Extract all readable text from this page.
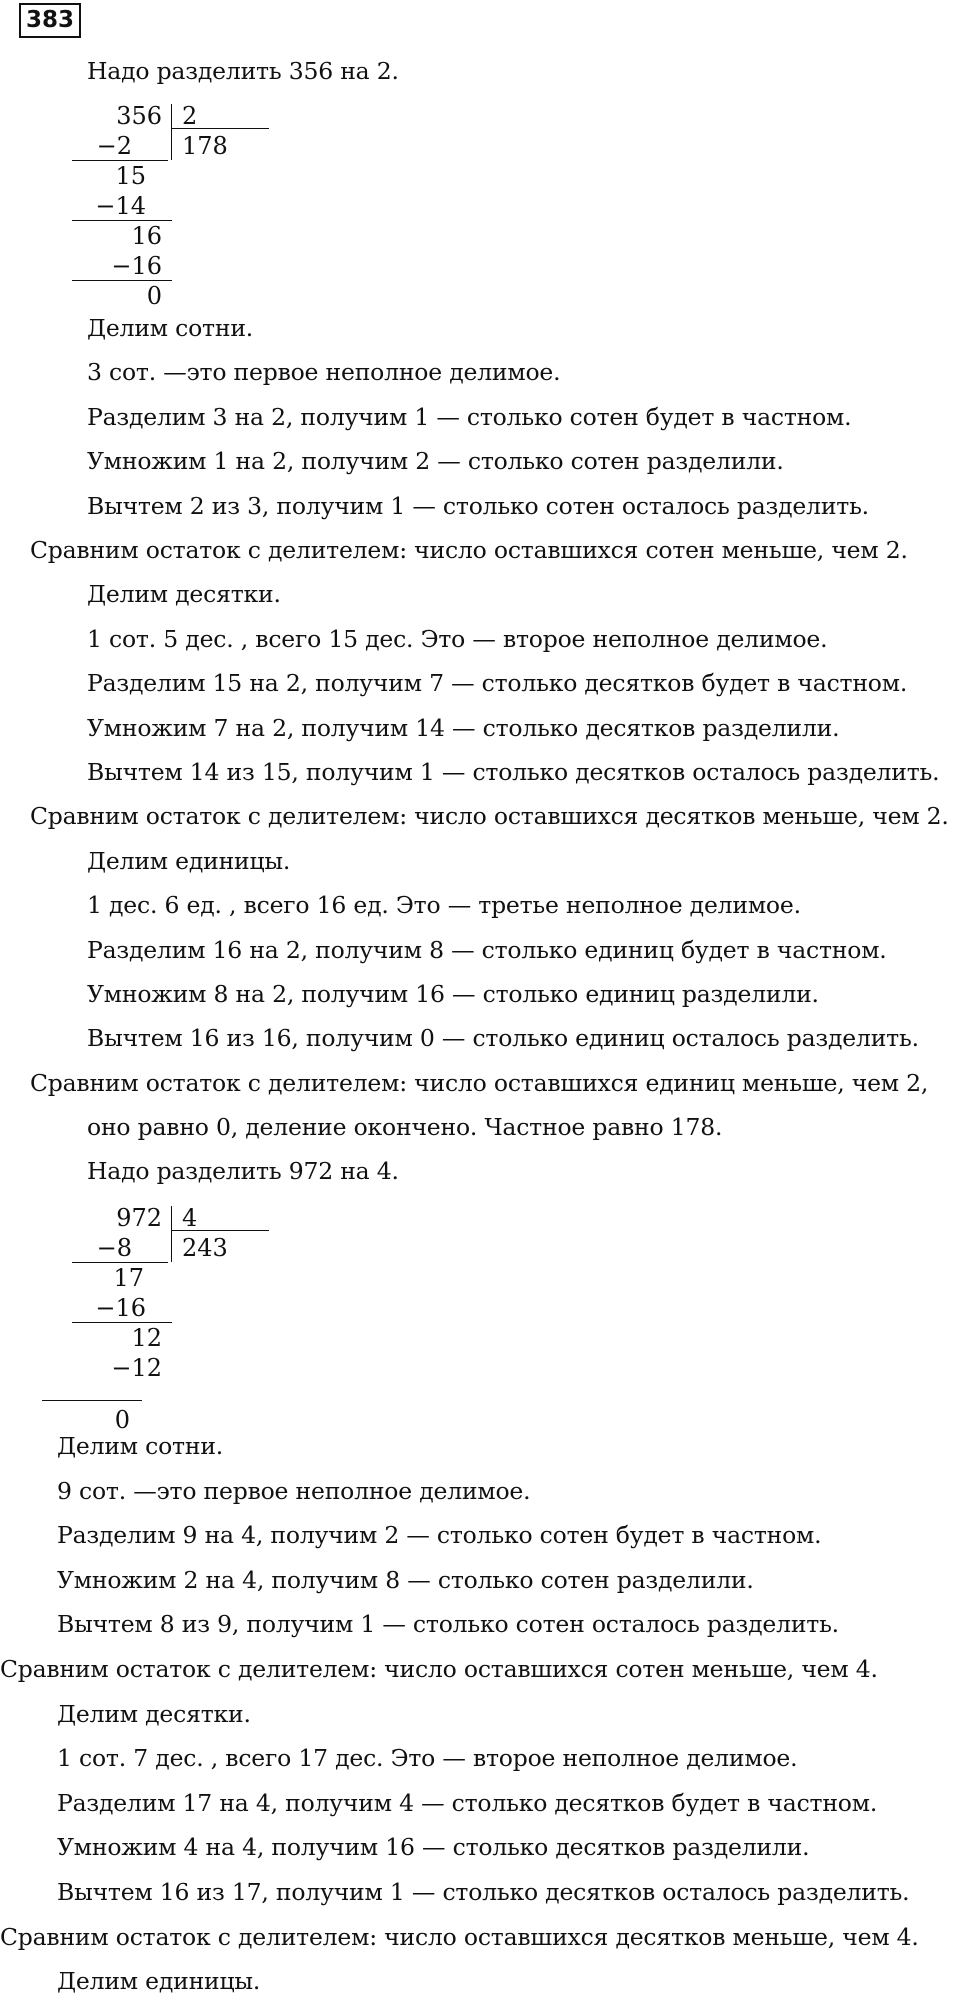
383
Надо разделить 356 на 2.
356 2
178
−2
15
−14
16
−16
0
Делим сотни.
3 сот. —это первое неполное делимое.
Разделим 3 на 2, получим 1 — столько сотен будет в частном.
Умножим 1 на 2, получим 2 — столько сотен разделили.
Вычтем 2 из 3, получим 1 — столько сотен осталось разделить.
Сравним остаток с делителем: число оставшихся сотен меньше, чем 2.
Делим десятки.
1 сот. 5 дес. , всего 15 дес. Это — второе неполное делимое.
Разделим 15 на 2, получим 7 — столько десятков будет в частном.
Умножим 7 на 2, получим 14 — столько десятков разделили.
Вычтем 14 из 15, получим 1 — столько десятков осталось разделить.
Сравним остаток с делителем: число оставшихся десятков меньше, чем 2.
Делим единицы.
1 дес. 6 ед. , всего 16 ед. Это — третье неполное делимое.
Разделим 16 на 2, получим 8 — столько единиц будет в частном.
Умножим 8 на 2, получим 16 — столько единиц разделили.
Вычтем 16 из 16, получим 0 — столько единиц осталось разделить.
Сравним остаток с делителем: число оставшихся единиц меньше, чем 2,
оно равно 0, деление окончено. Частное равно 178.
Надо разделить 972 на 4.
972 4
243
−8
17
−16
12
−12
0
Делим сотни.
9 сот. —это первое неполное делимое.
Разделим 9 на 4, получим 2 — столько сотен будет в частном.
Умножим 2 на 4, получим 8 — столько сотен разделили.
Вычтем 8 из 9, получим 1 — столько сотен осталось разделить.
Сравним остаток с делителем: число оставшихся сотен меньше, чем 4.
Делим десятки.
1 сот. 7 дес. , всего 17 дес. Это — второе неполное делимое.
Разделим 17 на 4, получим 4 — столько десятков будет в частном.
Умножим 4 на 4, получим 16 — столько десятков разделили.
Вычтем 16 из 17, получим 1 — столько десятков осталось разделить.
Сравним остаток с делителем: число оставшихся десятков меньше, чем 4.
Делим единицы.
